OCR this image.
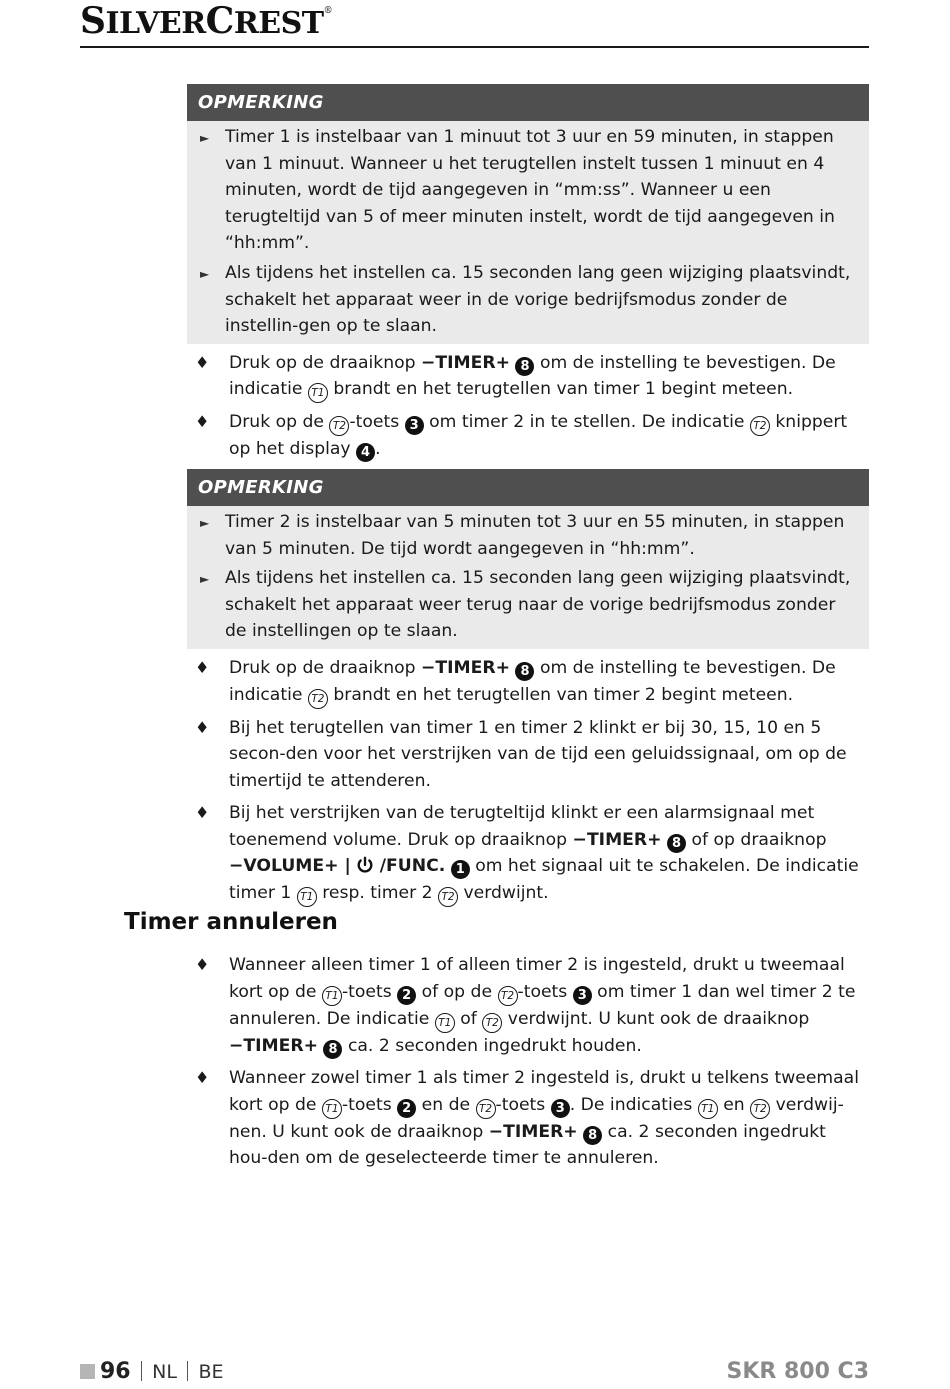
SILVERCREST®
OPMERKING
► Timer 1 is instelbaar van 1 minuut tot 3 uur en 59 minuten, in stappen van 1 minuut. Wanneer u het terugtellen instelt tussen 1 minuut en 4 minuten, wordt de tijd aangegeven in “mm:ss”. Wanneer u een terugteltijd van 5 of meer minuten instelt, wordt de tijd aangegeven in “hh:mm”.
► Als tijdens het instellen ca. 15 seconden lang geen wijziging plaatsvindt, schakelt het apparaat weer in de vorige bedrijfsmodus zonder de instellin-gen op te slaan.
♦ Druk op de draaiknop −TIMER+ 8 om de instelling te bevestigen. De indicatie T1 brandt en het terugtellen van timer 1 begint meteen.
♦ Druk op de T2 -toets 3 om timer 2 in te stellen. De indicatie T2 knippert op het display 4 .
OPMERKING
► Timer 2 is instelbaar van 5 minuten tot 3 uur en 55 minuten, in stappen van 5 minuten. De tijd wordt aangegeven in “hh:mm”.
► Als tijdens het instellen ca. 15 seconden lang geen wijziging plaatsvindt, schakelt het apparaat weer terug naar de vorige bedrijfsmodus zonder de instellingen op te slaan.
♦ Druk op de draaiknop −TIMER+ 8 om de instelling te bevestigen. De indicatie T2 brandt en het terugtellen van timer 2 begint meteen.
♦ Bij het terugtellen van timer 1 en timer 2 klinkt er bij 30, 15, 10 en 5 secon-den voor het verstrijken van de tijd een geluidssignaal, om op de timertijd te attenderen.
♦ Bij het verstrijken van de terugteltijd klinkt er een alarmsignaal met toenemend volume. Druk op draaiknop −TIMER+ 8 of op draaiknop −VOLUME+ | /FUNC. 1 om het signaal uit te schakelen. De indicatie timer 1 T1 resp. timer 2 T2 verdwijnt.
Timer annuleren
♦ Wanneer alleen timer 1 of alleen timer 2 is ingesteld, drukt u tweemaal kort op de T1 -toets 2 of op de T2 -toets 3 om timer 1 dan wel timer 2 te annuleren. De indicatie T1 of T2 verdwijnt. U kunt ook de draaiknop −TIMER+ 8 ca. 2 seconden ingedrukt houden.
♦ Wanneer zowel timer 1 als timer 2 ingesteld is, drukt u telkens tweemaal kort op de T1 -toets 2 en de T2 -toets 3 . De indicaties T1 en T2 verdwij-nen. U kunt ook de draaiknop −TIMER+ 8 ca. 2 seconden ingedrukt hou-den om de geselecteerde timer te annuleren.
96 NL BE	SKR 800 C3
